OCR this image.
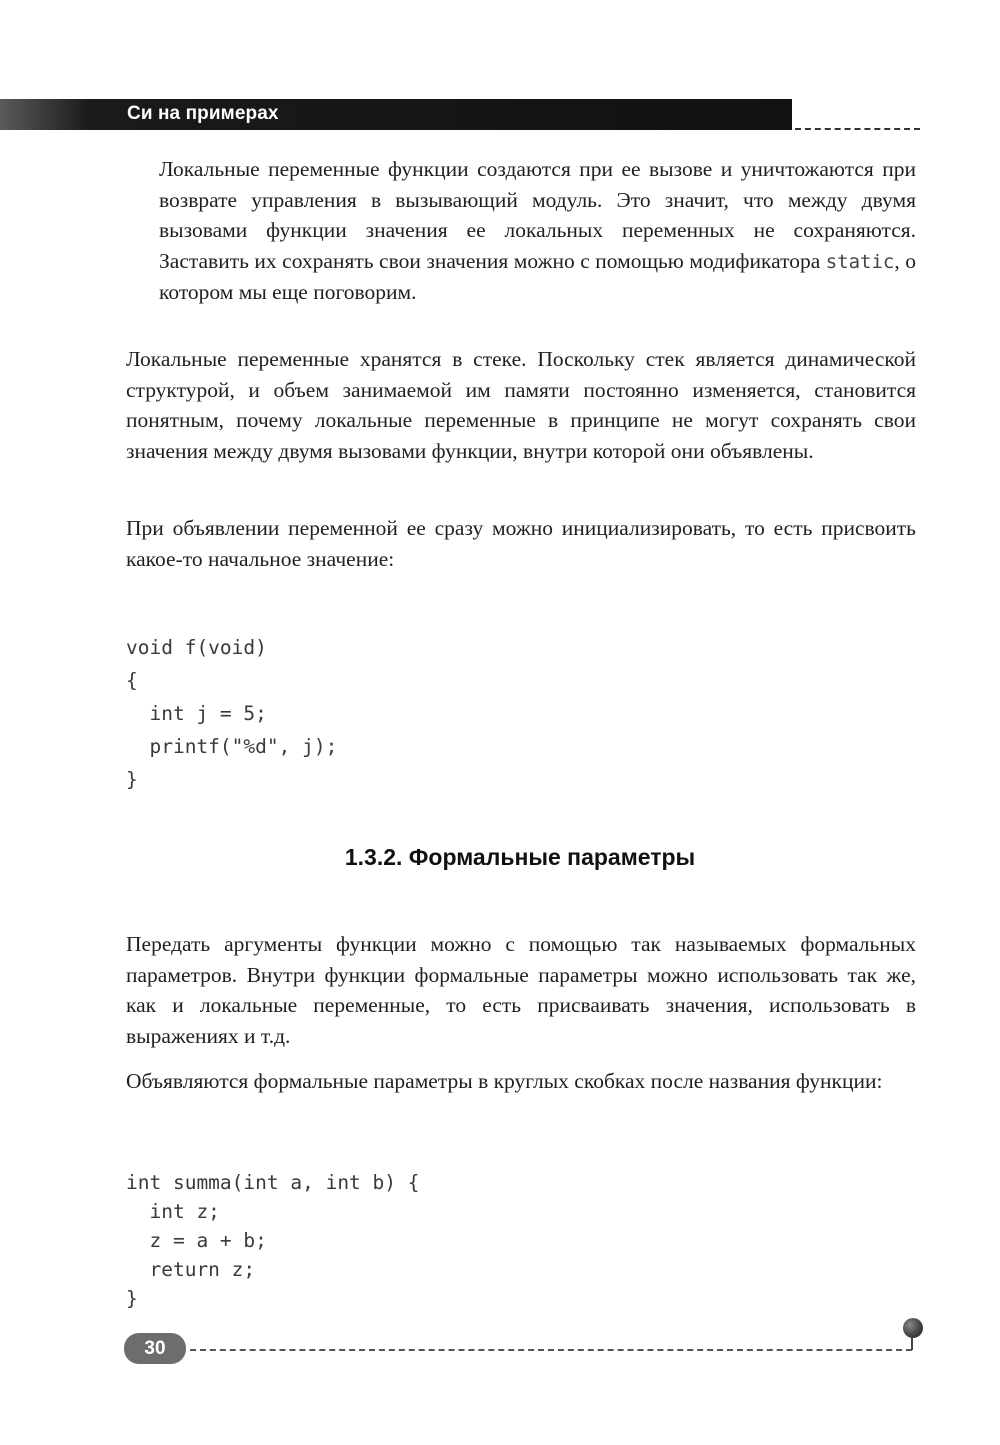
Си на примерах

Локальные переменные функции создаются при ее вызове и уничтожаются при возврате управления в вызывающий модуль. Это значит, что между двумя вызовами функции значения ее локальных переменных не сохраняются. Заставить их сохранять свои значения можно с помощью модификатора static, о котором мы еще поговорим.

Локальные переменные хранятся в стеке. Поскольку стек является динамической структурой, и объем занимаемой им памяти постоянно изменяется, становится понятным, почему локальные переменные в принципе не могут сохранять свои значения между двумя вызовами функции, внутри которой они объявлены.

При объявлении переменной ее сразу можно инициализировать, то есть присвоить какое-то начальное значение:

void f(void)
{
int j = 5;
printf("%d", j);
}
1.3.2. Формальные параметры

Передать аргументы функции можно с помощью так называемых формальных параметров. Внутри функции формальные параметры можно использовать так же, как и локальные переменные, то есть присваивать значения, использовать в выражениях и т.д.

Объявляются формальные параметры в круглых скобках после названия функции:

int summa(int a, int b) {
int z;
z = a + b;
return z;
}
30
